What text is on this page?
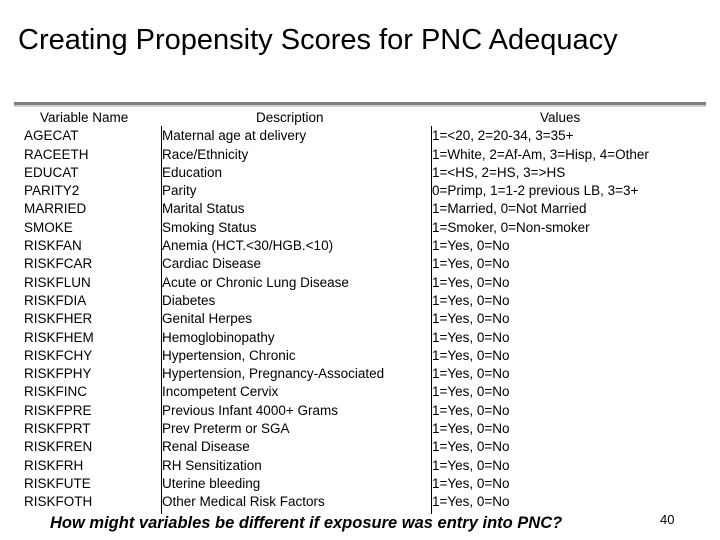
Creating Propensity Scores for PNC Adequacy
Variable Name	Description	Values
AGECAT	Maternal age at delivery	1=<20, 2=20-34, 3=35+
RACEETH	Race/Ethnicity	1=White, 2=Af-Am, 3=Hisp, 4=Other
EDUCAT	Education	1=<HS, 2=HS, 3=>HS
PARITY2	Parity	0=Primp, 1=1-2 previous LB, 3=3+
MARRIED	Marital Status	1=Married, 0=Not Married
SMOKE	Smoking Status	1=Smoker, 0=Non-smoker
RISKFAN	Anemia (HCT.<30/HGB.<10)	1=Yes, 0=No
RISKFCAR	Cardiac Disease	1=Yes, 0=No
RISKFLUN	Acute or Chronic Lung Disease	1=Yes, 0=No
RISKFDIA	Diabetes	1=Yes, 0=No
RISKFHER	Genital Herpes	1=Yes, 0=No
RISKFHEM	Hemoglobinopathy	1=Yes, 0=No
RISKFCHY	Hypertension, Chronic	1=Yes, 0=No
RISKFPHY	Hypertension, Pregnancy-Associated	1=Yes, 0=No
RISKFINC	Incompetent Cervix	1=Yes, 0=No
RISKFPRE	Previous Infant 4000+ Grams	1=Yes, 0=No
RISKFPRT	Prev Preterm or SGA	1=Yes, 0=No
RISKFREN	Renal Disease	1=Yes, 0=No
RISKFRH	RH Sensitization	1=Yes, 0=No
RISKFUTE	Uterine bleeding	1=Yes, 0=No
RISKFOTH	Other Medical Risk Factors	1=Yes, 0=No
How might variables be different if exposure was entry into PNC?	40
